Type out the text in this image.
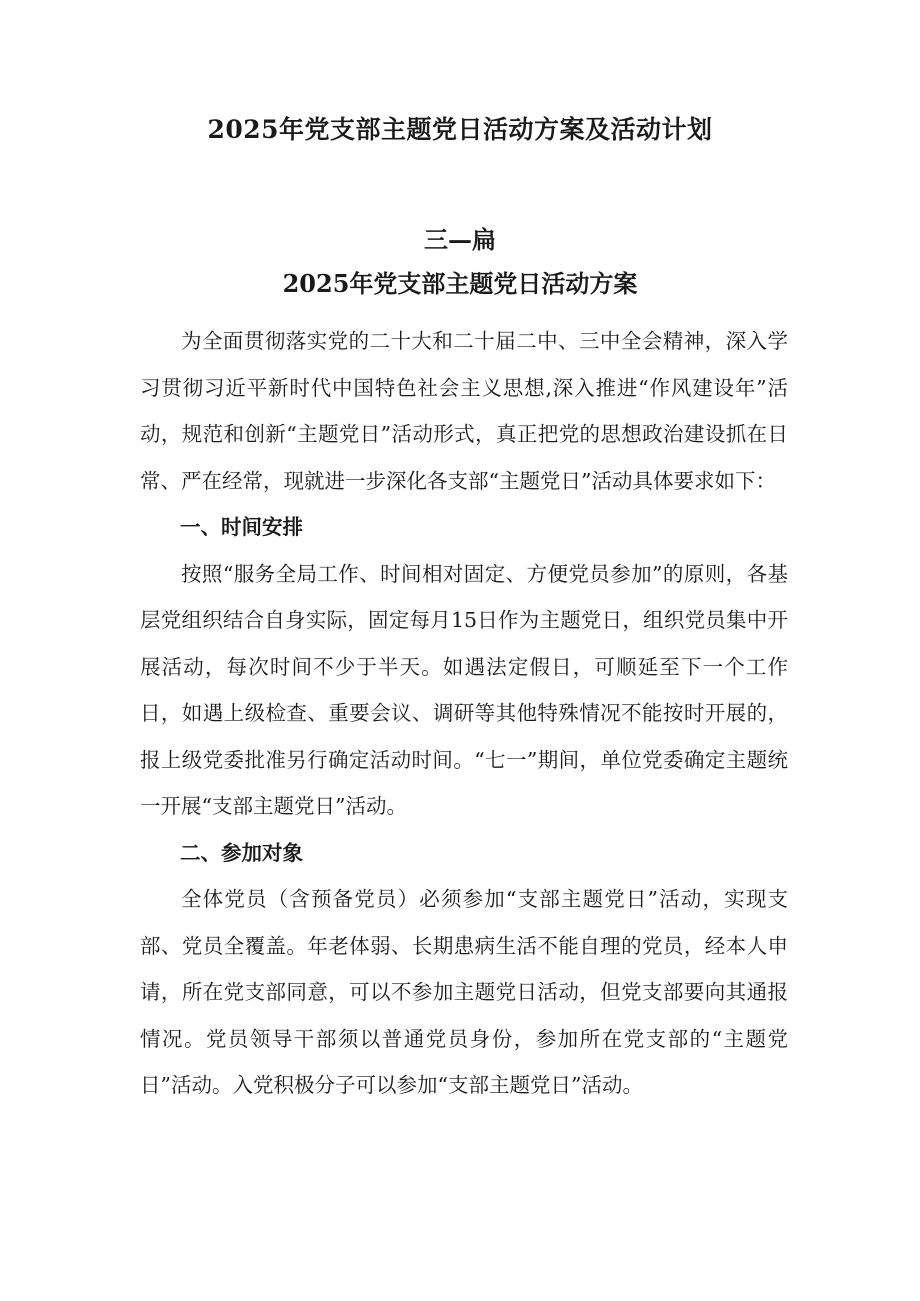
2025年党支部主题党日活动方案及活动计划
三—扁
2025年党支部主题党日活动方案

为全面贯彻落实党的二十大和二十届二中、三中全会精神，深入学习贯彻习近平新时代中国特色社会主义思想,深入推进“作风建设年”活动，规范和创新“主题党日”活动形式，真正把党的思想政治建设抓在日常、严在经常，现就进一步深化各支部“主题党日”活动具体要求如下：

一、时间安排

按照“服务全局工作、时间相对固定、方便党员参加”的原则，各基层党组织结合自身实际，固定每月15日作为主题党日，组织党员集中开展活动，每次时间不少于半天。如遇法定假日，可顺延至下一个工作日，如遇上级检查、重要会议、调研等其他特殊情况不能按时开展的，报上级党委批准另行确定活动时间。“七一”期间，单位党委确定主题统一开展“支部主题党日”活动。

二、参加对象

全体党员（含预备党员）必须参加“支部主题党日”活动，实现支部、党员全覆盖。年老体弱、长期患病生活不能自理的党员，经本人申请，所在党支部同意，可以不参加主题党日活动，但党支部要向其通报情况。党员领导干部须以普通党员身份，参加所在党支部的“主题党日”活动。入党积极分子可以参加“支部主题党日”活动。
